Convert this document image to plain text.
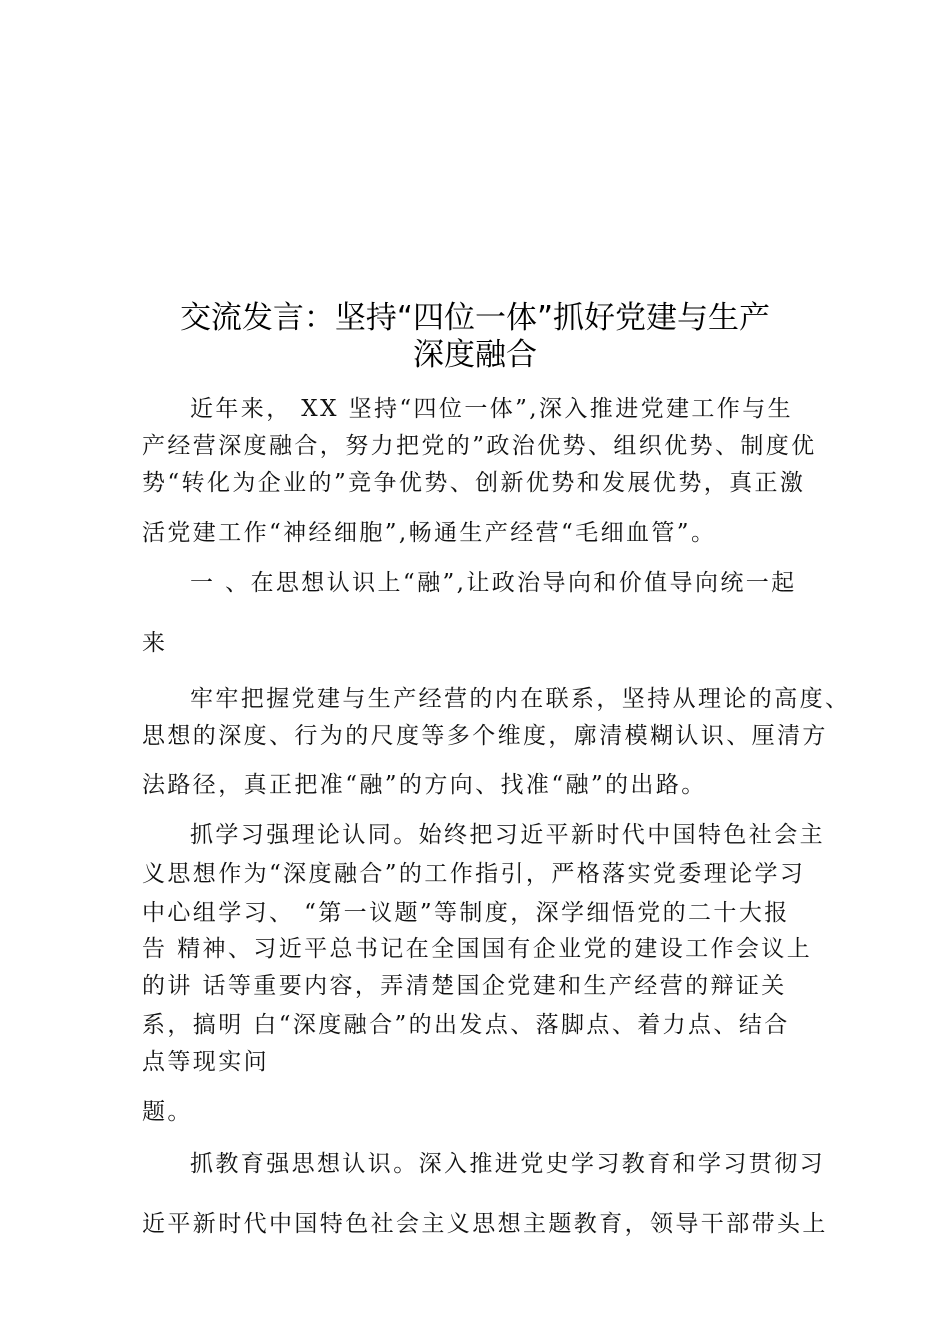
交流发言：坚持“四位一体”抓好党建与生产
深度融合

近年来， XX 坚持“四位一体”,深入推进党建工作与生

产经营深度融合，努力把党的”政治优势、组织优势、制度优

势“转化为企业的”竞争优势、创新优势和发展优势，真正激

活党建工作“神经细胞”,畅通生产经营“毛细血管”。

一 、在思想认识上“融”,让政治导向和价值导向统一起

来

牢牢把握党建与生产经营的内在联系，坚持从理论的高度、

思想的深度、行为的尺度等多个维度，廓清模糊认识、厘清方

法路径，真正把准“融”的方向、找准“融”的出路。

抓学习强理论认同。始终把习近平新时代中国特色社会主

义思想作为“深度融合”的工作指引，严格落实党委理论学习

中心组学习、 “第一议题”等制度，深学细悟党的二十大报

告 精神、习近平总书记在全国国有企业党的建设工作会议上

的讲 话等重要内容，弄清楚国企党建和生产经营的辩证关

系，搞明 白“深度融合”的出发点、落脚点、着力点、结合

点等现实问

题。

抓教育强思想认识。深入推进党史学习教育和学习贯彻习

近平新时代中国特色社会主义思想主题教育，领导干部带头上
